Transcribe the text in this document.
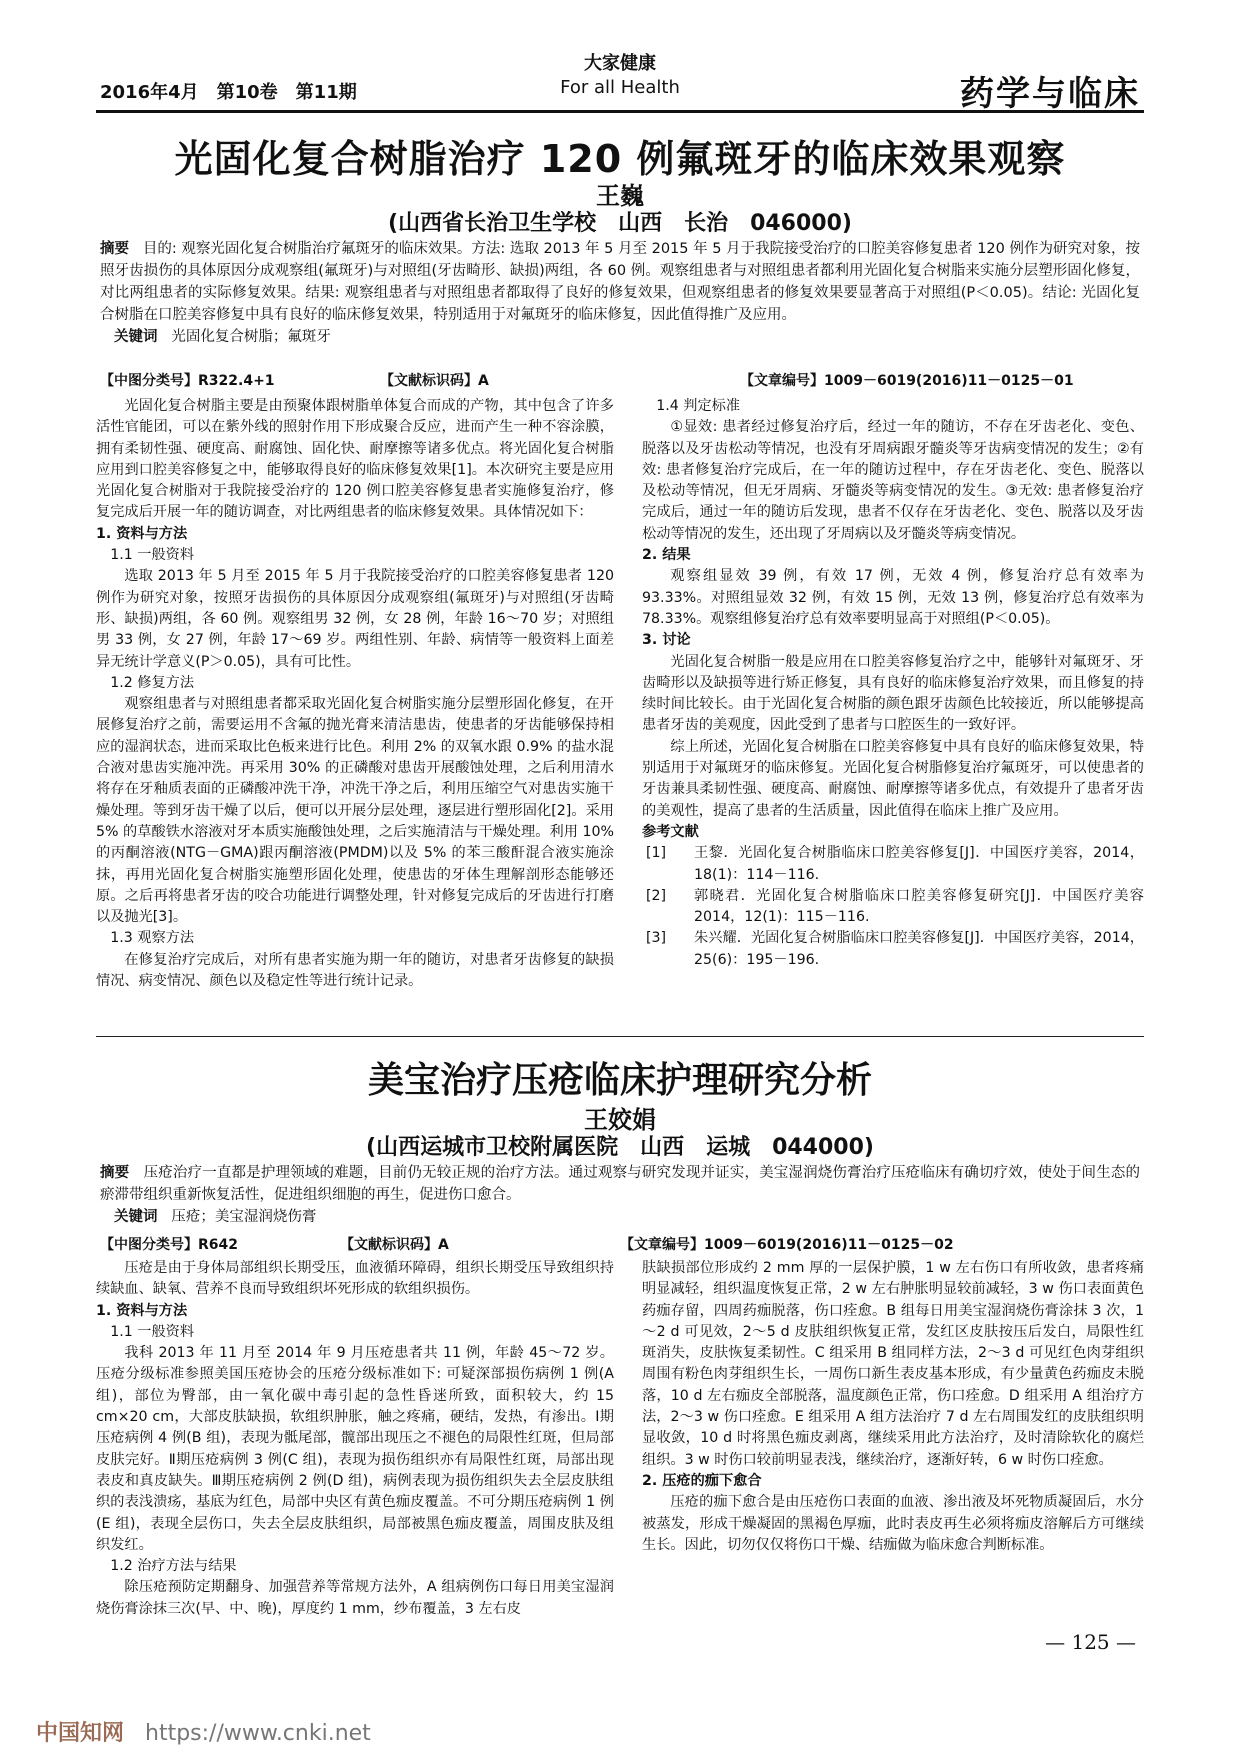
2016年4月　第10卷　第11期
大家健康
For all Health	药学与临床
光固化复合树脂治疗 120 例氟斑牙的临床效果观察
王巍
(山西省长治卫生学校　山西　长治　046000)
摘要 目的: 观察光固化复合树脂治疗氟斑牙的临床效果。方法: 选取 2013 年 5 月至 2015 年 5 月于我院接受治疗的口腔美容修复患者 120 例作为研究对象，按照牙齿损伤的具体原因分成观察组(氟斑牙)与对照组(牙齿畸形、缺损)两组，各 60 例。观察组患者与对照组患者都利用光固化复合树脂来实施分层塑形固化修复，对比两组患者的实际修复效果。结果: 观察组患者与对照组患者都取得了良好的修复效果，但观察组患者的修复效果要显著高于对照组(P＜0.05)。结论: 光固化复合树脂在口腔美容修复中具有良好的临床修复效果，特别适用于对氟斑牙的临床修复，因此值得推广及应用。
关键词 光固化复合树脂；氟斑牙
【中图分类号】R322.4+1	【文献标识码】A	【文章编号】1009－6019(2016)11－0125－01

光固化复合树脂主要是由预聚体跟树脂单体复合而成的产物，其中包含了许多活性官能团，可以在紫外线的照射作用下形成聚合反应，进而产生一种不容涂膜，拥有柔韧性强、硬度高、耐腐蚀、固化快、耐摩擦等诸多优点。将光固化复合树脂应用到口腔美容修复之中，能够取得良好的临床修复效果[1]。本次研究主要是应用光固化复合树脂对于我院接受治疗的 120 例口腔美容修复患者实施修复治疗，修复完成后开展一年的随访调查，对比两组患者的临床修复效果。具体情况如下：

1. 资料与方法

1.1 一般资料

选取 2013 年 5 月至 2015 年 5 月于我院接受治疗的口腔美容修复患者 120 例作为研究对象，按照牙齿损伤的具体原因分成观察组(氟斑牙)与对照组(牙齿畸形、缺损)两组，各 60 例。观察组男 32 例，女 28 例，年龄 16～70 岁；对照组男 33 例，女 27 例，年龄 17～69 岁。两组性别、年龄、病情等一般资料上面差异无统计学意义(P＞0.05)，具有可比性。

1.2 修复方法

观察组患者与对照组患者都采取光固化复合树脂实施分层塑形固化修复，在开展修复治疗之前，需要运用不含氟的抛光膏来清洁患齿，使患者的牙齿能够保持相应的湿润状态，进而采取比色板来进行比色。利用 2% 的双氧水跟 0.9% 的盐水混合液对患齿实施冲洗。再采用 30% 的正磷酸对患齿开展酸蚀处理，之后利用清水将存在牙釉质表面的正磷酸冲洗干净，冲洗干净之后，利用压缩空气对患齿实施干燥处理。等到牙齿干燥了以后，便可以开展分层处理，逐层进行塑形固化[2]。采用 5% 的草酸铁水溶液对牙本质实施酸蚀处理，之后实施清洁与干燥处理。利用 10% 的丙酮溶液(NTG－GMA)跟丙酮溶液(PMDM)以及 5% 的苯三酸酐混合液实施涂抹，再用光固化复合树脂实施塑形固化处理，使患齿的牙体生理解剖形态能够还原。之后再将患者牙齿的咬合功能进行调整处理，针对修复完成后的牙齿进行打磨以及抛光[3]。

1.3 观察方法

在修复治疗完成后，对所有患者实施为期一年的随访，对患者牙齿修复的缺损情况、病变情况、颜色以及稳定性等进行统计记录。

1.4 判定标准

①显效: 患者经过修复治疗后，经过一年的随访，不存在牙齿老化、变色、脱落以及牙齿松动等情况，也没有牙周病跟牙髓炎等牙齿病变情况的发生；②有效: 患者修复治疗完成后，在一年的随访过程中，存在牙齿老化、变色、脱落以及松动等情况，但无牙周病、牙髓炎等病变情况的发生。③无效: 患者修复治疗完成后，通过一年的随访后发现，患者不仅存在牙齿老化、变色、脱落以及牙齿松动等情况的发生，还出现了牙周病以及牙髓炎等病变情况。

2. 结果

观察组显效 39 例，有效 17 例，无效 4 例，修复治疗总有效率为 93.33%。对照组显效 32 例，有效 15 例，无效 13 例，修复治疗总有效率为 78.33%。观察组修复治疗总有效率要明显高于对照组(P＜0.05)。

3. 讨论

光固化复合树脂一般是应用在口腔美容修复治疗之中，能够针对氟斑牙、牙齿畸形以及缺损等进行矫正修复，具有良好的临床修复治疗效果，而且修复的持续时间比较长。由于光固化复合树脂的颜色跟牙齿颜色比较接近，所以能够提高患者牙齿的美观度，因此受到了患者与口腔医生的一致好评。

综上所述，光固化复合树脂在口腔美容修复中具有良好的临床修复效果，特别适用于对氟斑牙的临床修复。光固化复合树脂修复治疗氟斑牙，可以使患者的牙齿兼具柔韧性强、硬度高、耐腐蚀、耐摩擦等诸多优点，有效提升了患者牙齿的美观性，提高了患者的生活质量，因此值得在临床上推广及应用。

参考文献

[1] 王黎．光固化复合树脂临床口腔美容修复[J]．中国医疗美容，2014，18(1)：114－116.

[2] 郭晓君．光固化复合树脂临床口腔美容修复研究[J]．中国医疗美容 2014，12(1)：115－116.

[3] 朱兴耀．光固化复合树脂临床口腔美容修复[J]．中国医疗美容，2014，25(6)：195－196.

美宝治疗压疮临床护理研究分析
王姣娟
(山西运城市卫校附属医院　山西　运城　044000)
摘要 压疮治疗一直都是护理领域的难题，目前仍无较正规的治疗方法。通过观察与研究发现并证实，美宝湿润烧伤膏治疗压疮临床有确切疗效，使处于间生态的瘀滞带组织重新恢复活性，促进组织细胞的再生，促进伤口愈合。
关键词 压疮；美宝湿润烧伤膏
【中图分类号】R642	【文献标识码】A	【文章编号】1009－6019(2016)11－0125－02

压疮是由于身体局部组织长期受压，血液循环障碍，组织长期受压导致组织持续缺血、缺氧、营养不良而导致组织坏死形成的软组织损伤。

1. 资料与方法

1.1 一般资料

我科 2013 年 11 月至 2014 年 9 月压疮患者共 11 例，年龄 45～72 岁。压疮分级标准参照美国压疮协会的压疮分级标准如下: 可疑深部损伤病例 1 例(A 组)，部位为臀部，由一氧化碳中毒引起的急性昏迷所致，面积较大，约 15 cm×20 cm，大部皮肤缺损，软组织肿胀，触之疼痛，硬结，发热，有渗出。Ⅰ期压疮病例 4 例(B 组)，表现为骶尾部，髋部出现压之不褪色的局限性红斑，但局部皮肤完好。Ⅱ期压疮病例 3 例(C 组)，表现为损伤组织亦有局限性红斑，局部出现表皮和真皮缺失。Ⅲ期压疮病例 2 例(D 组)，病例表现为损伤组织失去全层皮肤组织的表浅溃疡，基底为红色，局部中央区有黄色痂皮覆盖。不可分期压疮病例 1 例(E 组)，表现全层伤口，失去全层皮肤组织，局部被黑色痂皮覆盖，周围皮肤及组织发红。

1.2 治疗方法与结果

除压疮预防定期翻身、加强营养等常规方法外，A 组病例伤口每日用美宝湿润烧伤膏涂抹三次(早、中、晚)，厚度约 1 mm，纱布覆盖，3 左右皮

肤缺损部位形成约 2 mm 厚的一层保护膜，1 w 左右伤口有所收敛，患者疼痛明显减轻，组织温度恢复正常，2 w 左右肿胀明显较前减轻，3 w 伤口表面黄色药痂存留，四周药痂脱落，伤口痊愈。B 组每日用美宝湿润烧伤膏涂抹 3 次，1～2 d 可见效，2～5 d 皮肤组织恢复正常，发红区皮肤按压后发白，局限性红斑消失，皮肤恢复柔韧性。C 组采用 B 组同样方法，2～3 d 可见红色肉芽组织周围有粉色肉芽组织生长，一周伤口新生表皮基本形成，有少量黄色药痂皮未脱落，10 d 左右痂皮全部脱落，温度颜色正常，伤口痊愈。D 组采用 A 组治疗方法，2～3 w 伤口痊愈。E 组采用 A 组方法治疗 7 d 左右周围发红的皮肤组织明显收敛，10 d 时将黑色痂皮剥离，继续采用此方法治疗，及时清除软化的腐烂组织。3 w 时伤口较前明显表浅，继续治疗，逐渐好转，6 w 时伤口痊愈。

2. 压疮的痂下愈合

压疮的痂下愈合是由压疮伤口表面的血液、渗出液及坏死物质凝固后，水分被蒸发，形成干燥凝固的黑褐色厚痂，此时表皮再生必须将痂皮溶解后方可继续生长。因此，切勿仅仅将伤口干燥、结痂做为临床愈合判断标准。

— 125 —
中国知网 https://www.cnki.net
